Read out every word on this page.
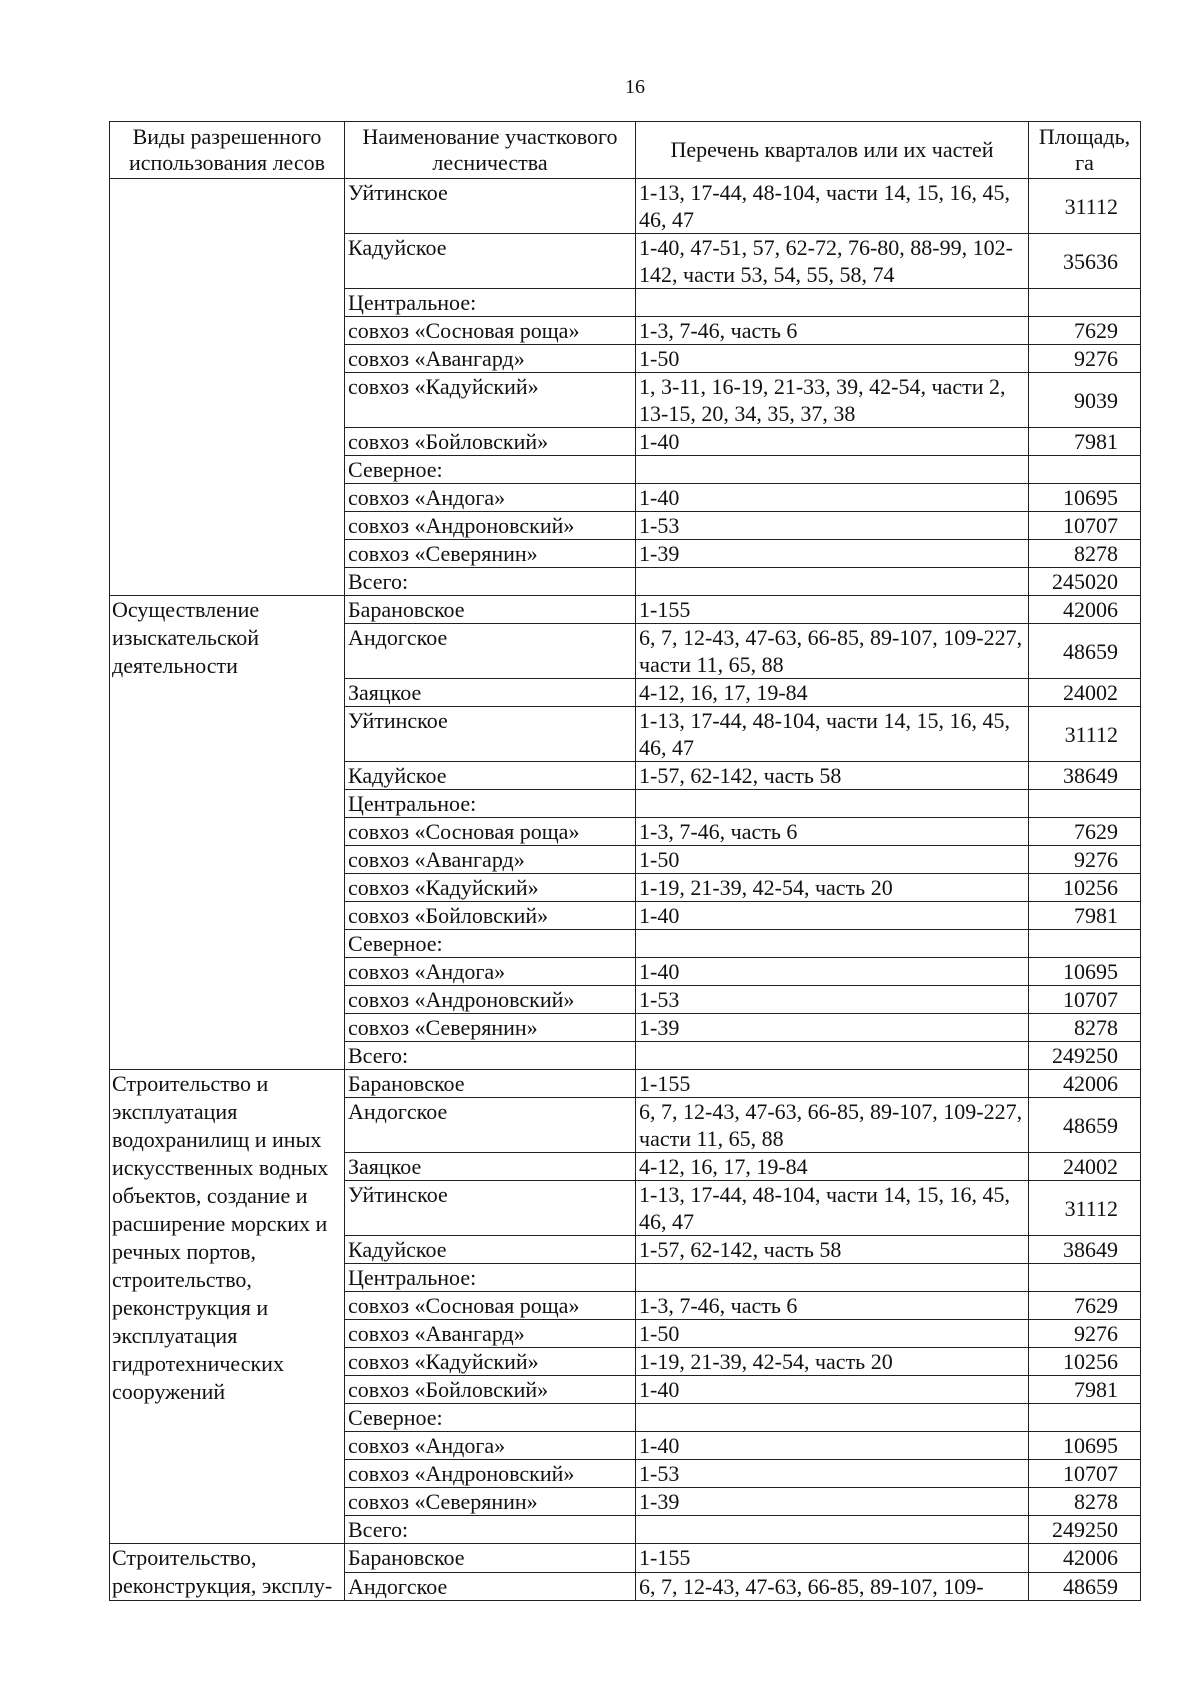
16
Виды разрешенного использования лесов	Наименование участкового лесничества	Перечень кварталов или их частей	Площадь, га
	Уйтинское	1-13, 17-44, 48-104, части 14, 15, 16, 45, 46, 47	31112
	Кадуйское	1-40, 47-51, 57, 62-72, 76-80, 88-99, 102-142, части 53, 54, 55, 58, 74	35636
	Центральное:		
	совхоз «Сосновая роща»	1-3, 7-46, часть 6	7629
	совхоз «Авангард»	1-50	9276
	совхоз «Кадуйский»	1, 3-11, 16-19, 21-33, 39, 42-54, части 2, 13-15, 20, 34, 35, 37, 38	9039
	совхоз «Бойловский»	1-40	7981
	Северное:		
	совхоз «Андога»	1-40	10695
	совхоз «Андроновский»	1-53	10707
	совхоз «Северянин»	1-39	8278
	Всего:		245020
Осуществление изыскательской деятельности	Барановское	1-155	42006
	Андогское	6, 7, 12-43, 47-63, 66-85, 89-107, 109-227, части 11, 65, 88	48659
	Заяцкое	4-12, 16, 17, 19-84	24002
	Уйтинское	1-13, 17-44, 48-104, части 14, 15, 16, 45, 46, 47	31112
	Кадуйское	1-57, 62-142, часть 58	38649
	Центральное:		
	совхоз «Сосновая роща»	1-3, 7-46, часть 6	7629
	совхоз «Авангард»	1-50	9276
	совхоз «Кадуйский»	1-19, 21-39, 42-54, часть 20	10256
	совхоз «Бойловский»	1-40	7981
	Северное:		
	совхоз «Андога»	1-40	10695
	совхоз «Андроновский»	1-53	10707
	совхоз «Северянин»	1-39	8278
	Всего:		249250
Строительство и эксплуатация водохранилищ и иных искусственных водных объектов, создание и расширение морских и речных портов, строительство, реконструкция и эксплуатация гидротехнических сооружений	Барановское	1-155	42006
	Андогское	6, 7, 12-43, 47-63, 66-85, 89-107, 109-227, части 11, 65, 88	48659
	Заяцкое	4-12, 16, 17, 19-84	24002
	Уйтинское	1-13, 17-44, 48-104, части 14, 15, 16, 45, 46, 47	31112
	Кадуйское	1-57, 62-142, часть 58	38649
	Центральное:		
	совхоз «Сосновая роща»	1-3, 7-46, часть 6	7629
	совхоз «Авангард»	1-50	9276
	совхоз «Кадуйский»	1-19, 21-39, 42-54, часть 20	10256
	совхоз «Бойловский»	1-40	7981
	Северное:		
	совхоз «Андога»	1-40	10695
	совхоз «Андроновский»	1-53	10707
	совхоз «Северянин»	1-39	8278
	Всего:		249250
Строительство, реконструкция, эксплу-	Барановское	1-155	42006
	Андогское	6, 7, 12-43, 47-63, 66-85, 89-107, 109-	48659
